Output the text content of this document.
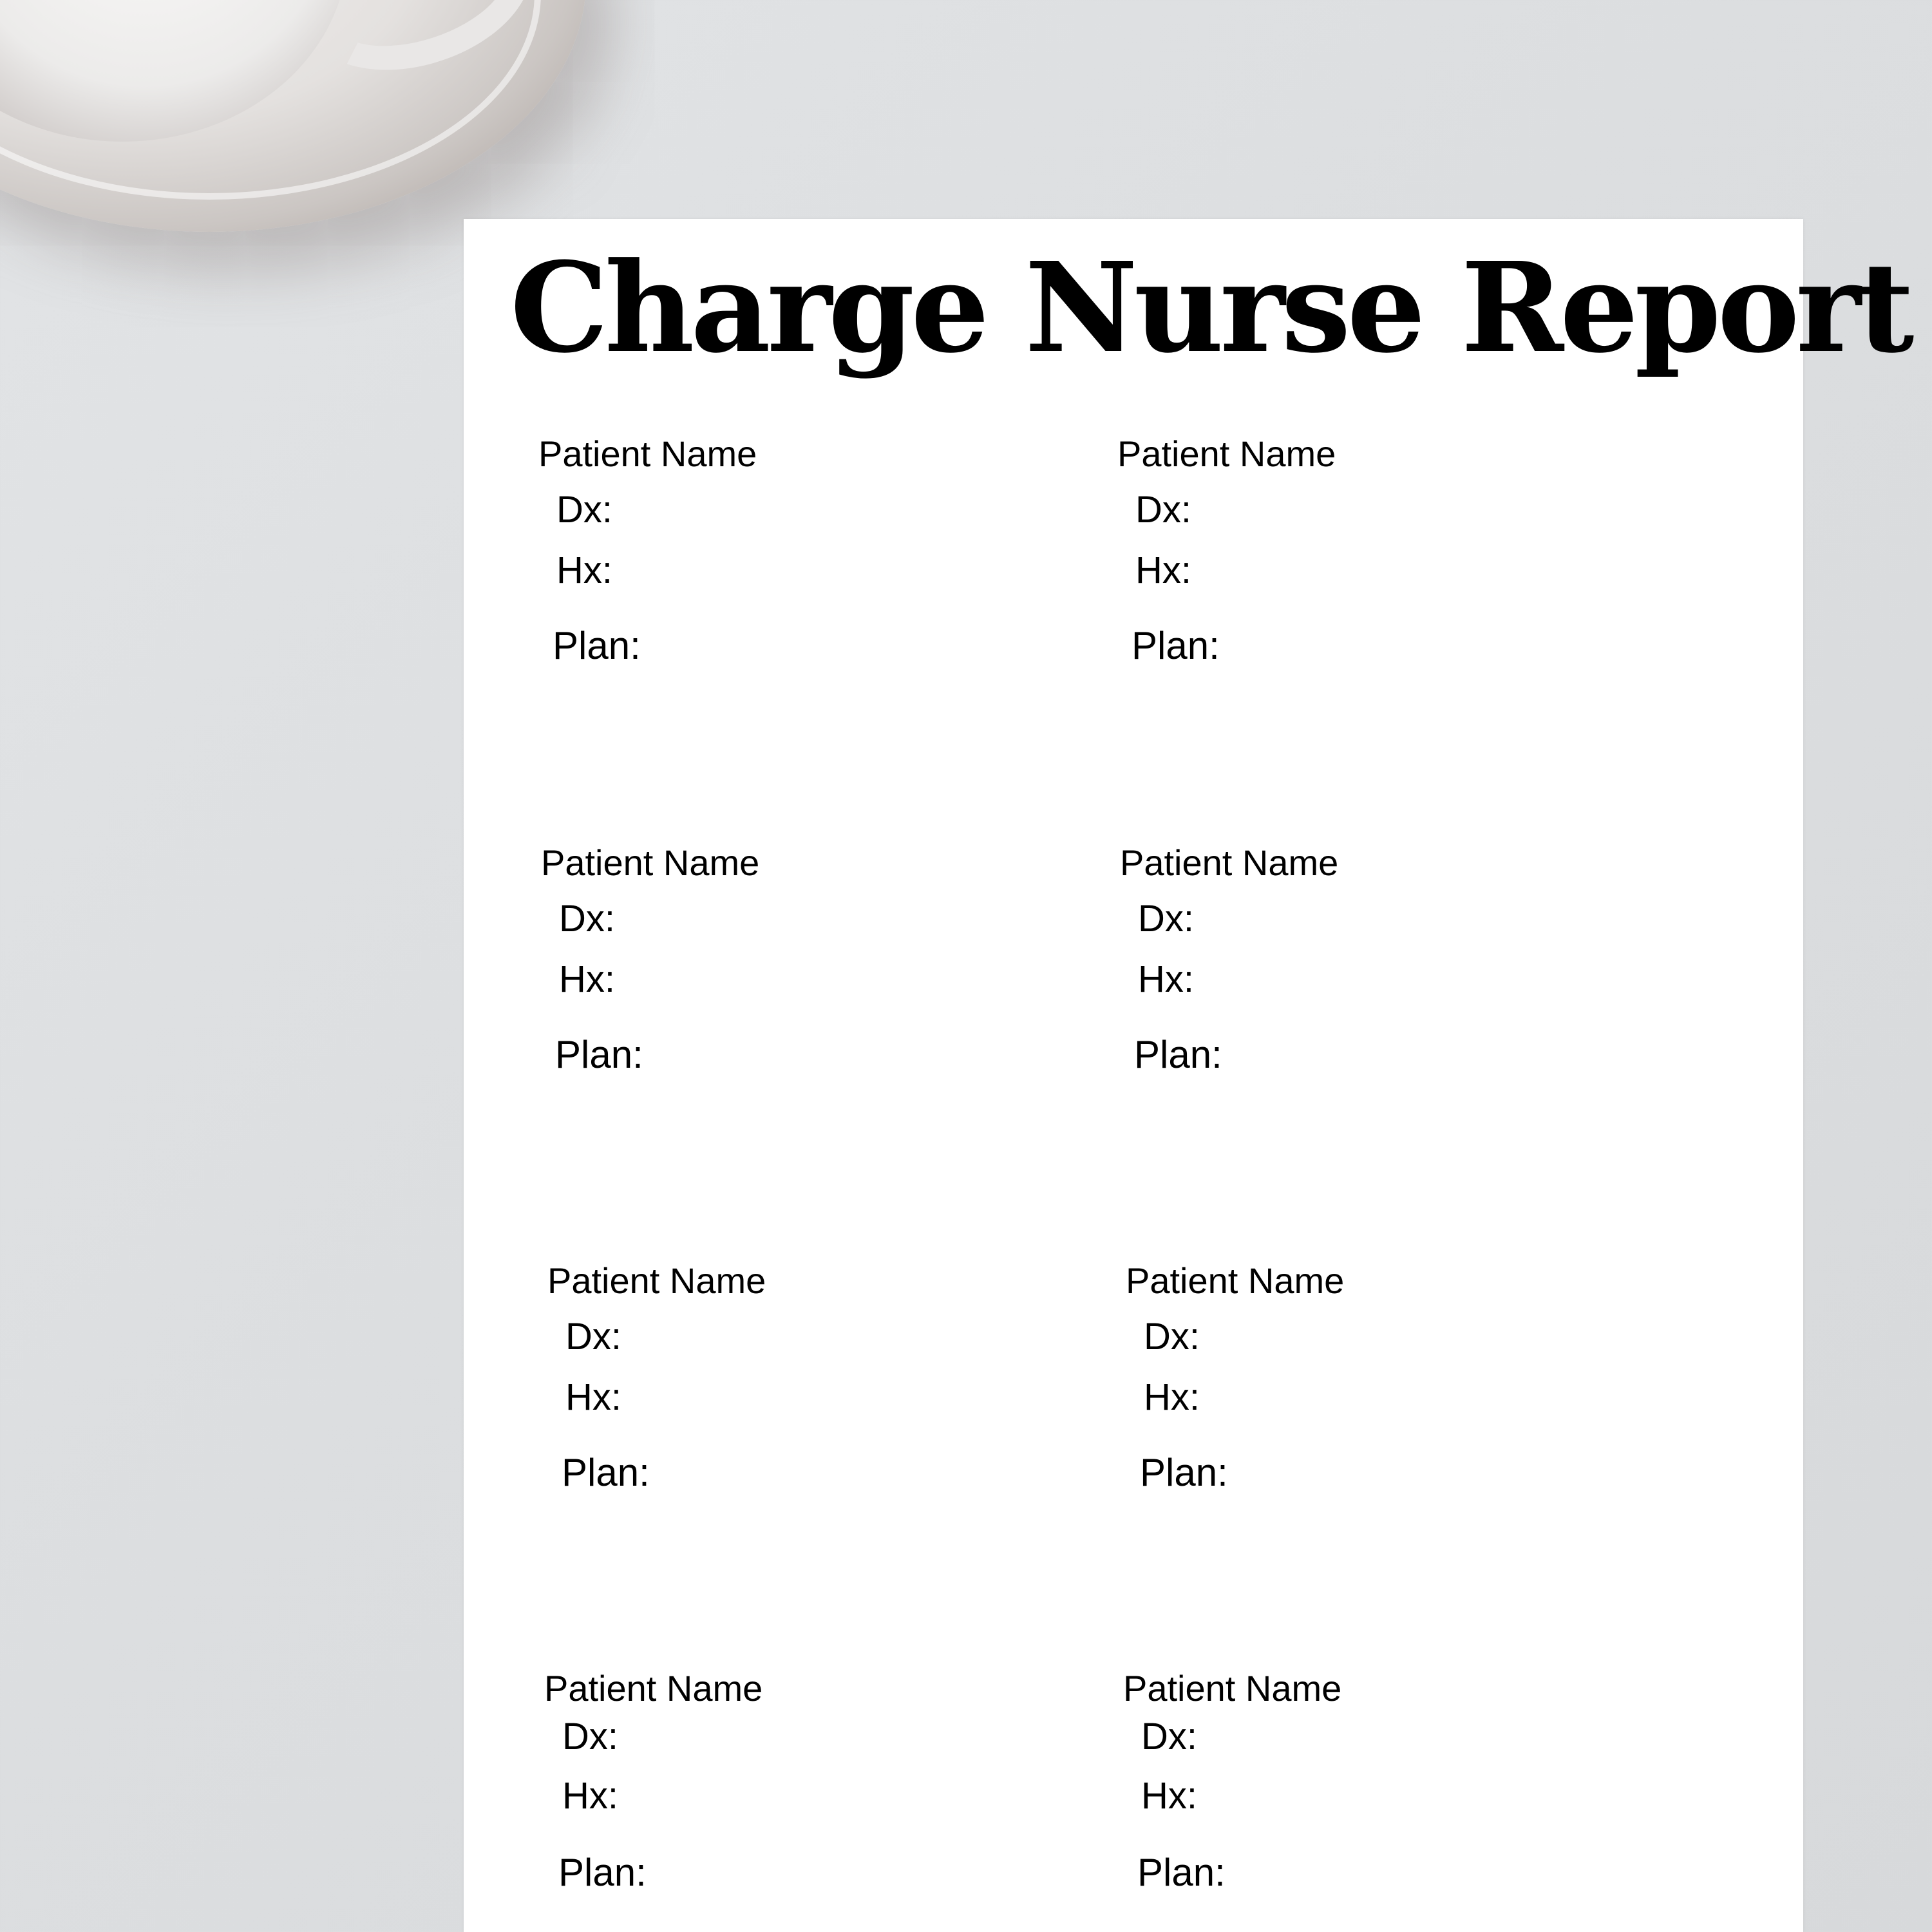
Charge Nurse Report
Patient Name
Dx:
Hx:
Plan:
Patient Name
Dx:
Hx:
Plan:
Patient Name
Dx:
Hx:
Plan:
Patient Name
Dx:
Hx:
Plan:
Patient Name
Dx:
Hx:
Plan:
Patient Name
Dx:
Hx:
Plan:
Patient Name
Dx:
Hx:
Plan:
Patient Name
Dx:
Hx:
Plan:
